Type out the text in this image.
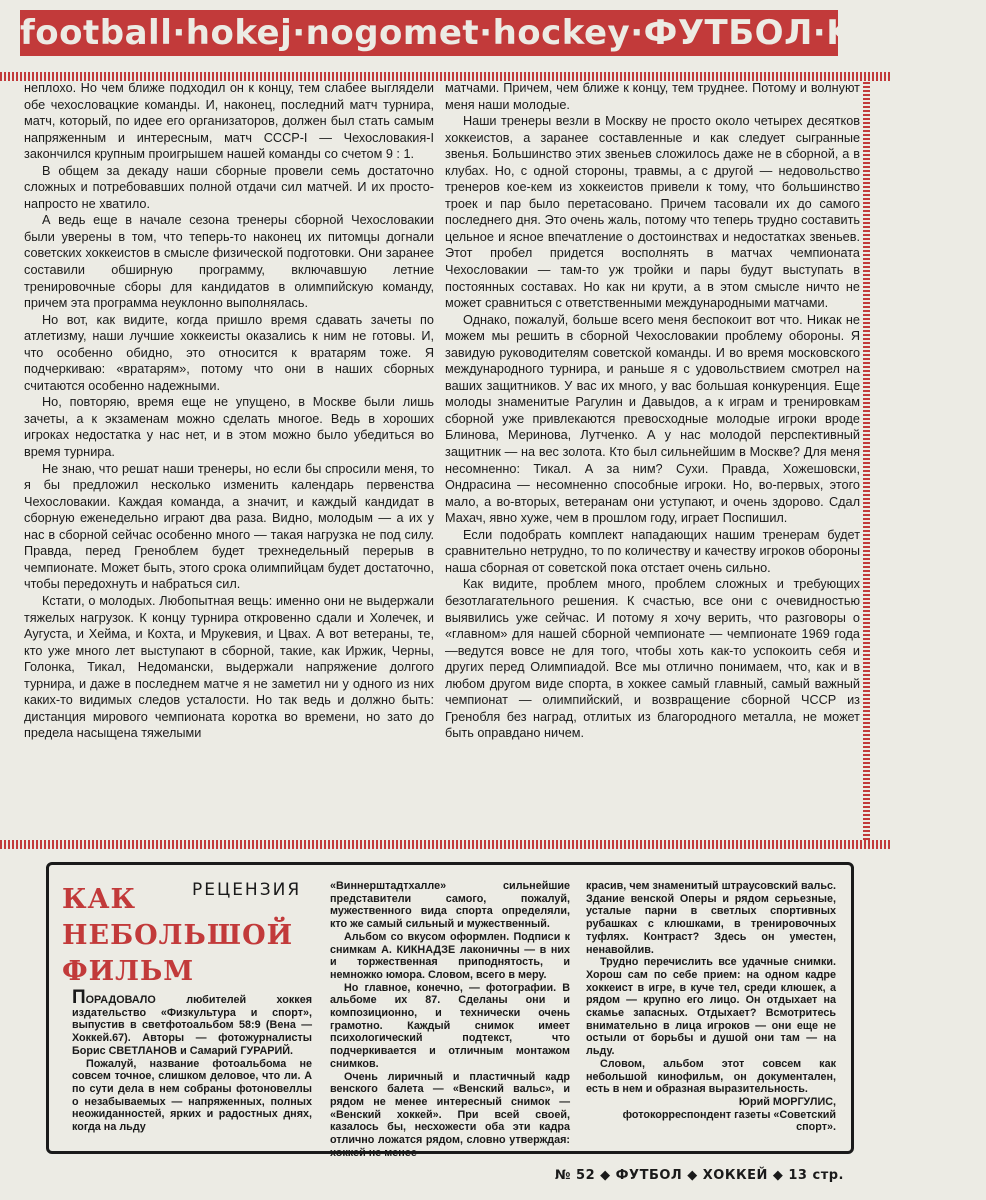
football·hokej·nogomet·hockey·ФУТБОЛ·KOPANA

неплохо. Но чем ближе подходил он к концу, тем слабее выглядели обе чехословацкие команды. И, наконец, последний матч турнира, матч, который, по идее его организаторов, должен был стать самым напряженным и интересным, матч СССР-I — Чехословакия-I закончился крупным проигрышем нашей команды со счетом 9 : 1.

В общем за декаду наши сборные провели семь достаточно сложных и потребовавших полной отдачи сил матчей. И их просто-напросто не хватило.

А ведь еще в начале сезона тренеры сборной Чехословакии были уверены в том, что теперь-то наконец их питомцы догнали советских хоккеистов в смысле физической подготовки. Они заранее составили обширную программу, включавшую летние тренировочные сборы для кандидатов в олимпийскую команду, причем эта программа неуклонно выполнялась.

Но вот, как видите, когда пришло время сдавать зачеты по атлетизму, наши лучшие хоккеисты оказались к ним не готовы. И, что особенно обидно, это относится к вратарям тоже. Я подчеркиваю: «вратарям», потому что они в наших сборных считаются особенно надежными.

Но, повторяю, время еще не упущено, в Москве были лишь зачеты, а к экзаменам можно сделать многое. Ведь в хороших игроках недостатка у нас нет, и в этом можно было убедиться во время турнира.

Не знаю, что решат наши тренеры, но если бы спросили меня, то я бы предложил несколько изменить календарь первенства Чехословакии. Каждая команда, а значит, и каждый кандидат в сборную еженедельно играют два раза. Видно, молодым — а их у нас в сборной сейчас особенно много — такая нагрузка не под силу. Правда, перед Греноблем будет трехнедельный перерыв в чемпионате. Может быть, этого срока олимпийцам будет достаточно, чтобы передохнуть и набраться сил.

Кстати, о молодых. Любопытная вещь: именно они не выдержали тяжелых нагрузок. К концу турнира откровенно сдали и Холечек, и Аугуста, и Хейма, и Кохта, и Мрукевия, и Цвах. А вот ветераны, те, кто уже много лет выступают в сборной, такие, как Иржик, Черны, Голонка, Тикал, Недомански, выдержали напряжение долгого турнира, и даже в последнем матче я не заметил ни у одного из них каких-то видимых следов усталости. Но так ведь и должно быть: дистанция мирового чемпионата коротка во времени, но зато до предела насыщена тяжелыми

матчами. Причем, чем ближе к концу, тем труднее. Потому и волнуют меня наши молодые.

Наши тренеры везли в Москву не просто около четырех десятков хоккеистов, а заранее составленные и как следует сыгранные звенья. Большинство этих звеньев сложилось даже не в сборной, а в клубах. Но, с одной стороны, травмы, а с другой — недовольство тренеров кое-кем из хоккеистов привели к тому, что большинство троек и пар было перетасовано. Причем тасовали их до самого последнего дня. Это очень жаль, потому что теперь трудно составить цельное и ясное впечатление о достоинствах и недостатках звеньев. Этот пробел придется восполнять в матчах чемпионата Чехословакии — там-то уж тройки и пары будут выступать в постоянных составах. Но как ни крути, а в этом смысле ничто не может сравниться с ответственными международными матчами.

Однако, пожалуй, больше всего меня беспокоит вот что. Никак не можем мы решить в сборной Чехословакии проблему обороны. Я завидую руководителям советской команды. И во время московского международного турнира, и раньше я с удовольствием смотрел на ваших защитников. У вас их много, у вас большая конкуренция. Еще молоды знаменитые Рагулин и Давыдов, а к играм и тренировкам сборной уже привлекаются превосходные молодые игроки вроде Блинова, Меринова, Лутченко. А у нас молодой перспективный защитник — на вес золота. Кто был сильнейшим в Москве? Для меня несомненно: Тикал. А за ним? Сухи. Правда, Хожешовски, Ондрасина — несомненно способные игроки. Но, во-первых, этого мало, а во-вторых, ветеранам они уступают, и очень здорово. Сдал Махач, явно хуже, чем в прошлом году, играет Поспишил.

Если подобрать комплект нападающих нашим тренерам будет сравнительно нетрудно, то по количеству и качеству игроков обороны наша сборная от советской пока отстает очень сильно.

Как видите, проблем много, проблем сложных и требующих безотлагательного решения. К счастью, все они с очевидностью выявились уже сейчас. И потому я хочу верить, что разговоры о «главном» для нашей сборной чемпионате — чемпионате 1969 года —ведутся вовсе не для того, чтобы хоть как-то успокоить себя и других перед Олимпиадой. Все мы отлично понимаем, что, как и в любом другом виде спорта, в хоккее самый главный, самый важный чемпионат — олимпийский, и возвращение сборной ЧССР из Гренобля без наград, отлитых из благородного металла, не может быть оправдано ничем.

КАК
НЕБОЛЬШОЙ
ФИЛЬМ
РЕЦЕНЗИЯ

ПОРАДОВАЛО любителей хоккея издательство «Физкультура и спорт», выпустив в светфотоальбом 58:9 (Вена — Хоккей.67). Авторы — фотожурналисты Борис СВЕТЛАНОВ и Самарий ГУРАРИЙ.

Пожалуй, название фотоальбома не совсем точное, слишком деловое, что ли. А по сути дела в нем собраны фотоновеллы о незабываемых — напряженных, полных неожиданностей, ярких и радостных днях, когда на льду

«Виннерштадтхалле» сильнейшие представители самого, пожалуй, мужественного вида спорта определяли, кто же самый сильный и мужественный.

Альбом со вкусом оформлен. Подписи к снимкам А. КИКНАДЗЕ лаконичны — в них и торжественная приподнятость, и немножко юмора. Словом, всего в меру.

Но главное, конечно, — фотографии. В альбоме их 87. Сделаны они и композиционно, и технически очень грамотно. Каждый снимок имеет психологический подтекст, что подчеркивается и отличным монтажом снимков.

Очень лиричный и пластичный кадр венского балета — «Венский вальс», и рядом не менее интересный снимок — «Венский хоккей». При всей своей, казалось бы, несхожести оба эти кадра отлично ложатся рядом, словно утверждая: хоккей не менее

красив, чем знаменитый штраусовский вальс. Здание венской Оперы и рядом серьезные, усталые парни в светлых спортивных рубашках с клюшками, в тренировочных туфлях. Контраст? Здесь он уместен, ненавойлив.

Трудно перечислить все удачные снимки. Хорош сам по себе прием: на одном кадре хоккеист в игре, в куче тел, среди клюшек, а рядом — крупно его лицо. Он отдыхает на скамье запасных. Отдыхает? Всмотритесь внимательно в лица игроков — они еще не остыли от борьбы и душой они там — на льду.

Словом, альбом этот совсем как небольшой кинофильм, он документален, есть в нем и образная выразительность.

Юрий МОРГУЛИС,

фотокорреспондент газеты «Советский спорт».

№ 52 ◆ ФУТБОЛ ◆ ХОККЕЙ ◆ 13 стр.
